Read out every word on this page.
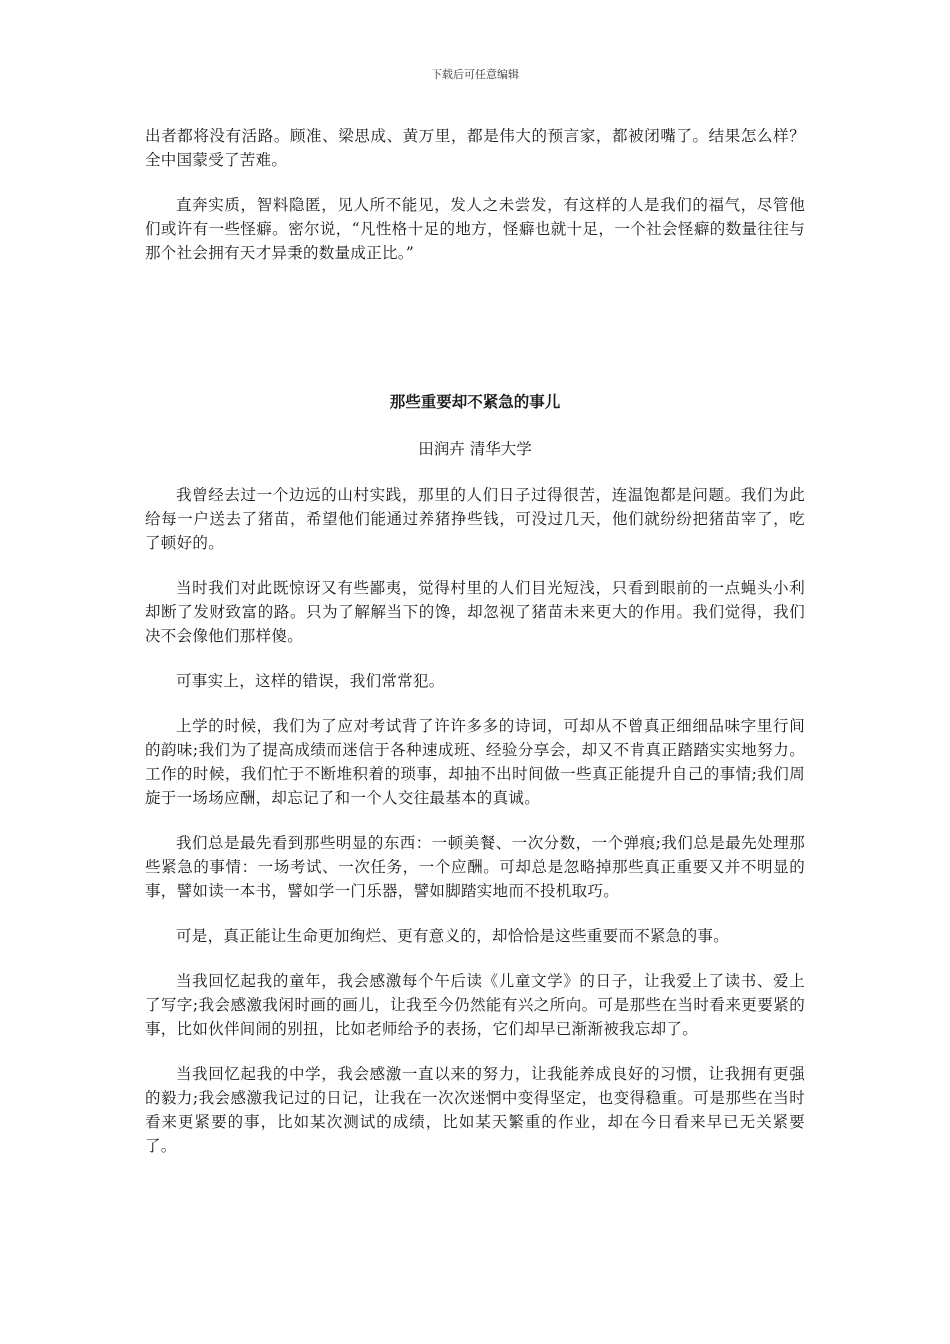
下载后可任意编辑

出者都将没有活路。顾准、梁思成、黄万里，都是伟大的预言家，都被闭嘴了。结果怎么样？全中国蒙受了苦难。

直奔实质，智料隐匿，见人所不能见，发人之未尝发，有这样的人是我们的福气，尽管他们或许有一些怪癖。密尔说，“凡性格十足的地方，怪癖也就十足，一个社会怪癖的数量往往与那个社会拥有天才异秉的数量成正比。”

那些重要却不紧急的事儿
田润卉 清华大学

我曾经去过一个边远的山村实践，那里的人们日子过得很苦，连温饱都是问题。我们为此给每一户送去了猪苗，希望他们能通过养猪挣些钱，可没过几天，他们就纷纷把猪苗宰了，吃了顿好的。

当时我们对此既惊讶又有些鄙夷，觉得村里的人们目光短浅，只看到眼前的一点蝇头小利却断了发财致富的路。只为了解解当下的馋，却忽视了猪苗未来更大的作用。我们觉得，我们决不会像他们那样傻。

可事实上，这样的错误，我们常常犯。

上学的时候，我们为了应对考试背了许许多多的诗词，可却从不曾真正细细品味字里行间的韵味;我们为了提高成绩而迷信于各种速成班、经验分享会，却又不肯真正踏踏实实地努力。工作的时候，我们忙于不断堆积着的琐事，却抽不出时间做一些真正能提升自己的事情;我们周旋于一场场应酬，却忘记了和一个人交往最基本的真诚。

我们总是最先看到那些明显的东西：一顿美餐、一次分数，一个弹痕;我们总是最先处理那些紧急的事情：一场考试、一次任务，一个应酬。可却总是忽略掉那些真正重要又并不明显的事，譬如读一本书，譬如学一门乐器，譬如脚踏实地而不投机取巧。

可是，真正能让生命更加绚烂、更有意义的，却恰恰是这些重要而不紧急的事。

当我回忆起我的童年，我会感激每个午后读《儿童文学》的日子，让我爱上了读书、爱上了写字;我会感激我闲时画的画儿，让我至今仍然能有兴之所向。可是那些在当时看来更要紧的事，比如伙伴间闹的别扭，比如老师给予的表扬，它们却早已渐渐被我忘却了。

当我回忆起我的中学，我会感激一直以来的努力，让我能养成良好的习惯，让我拥有更强的毅力;我会感激我记过的日记，让我在一次次迷惘中变得坚定，也变得稳重。可是那些在当时看来更紧要的事，比如某次测试的成绩，比如某天繁重的作业，却在今日看来早已无关紧要了。
